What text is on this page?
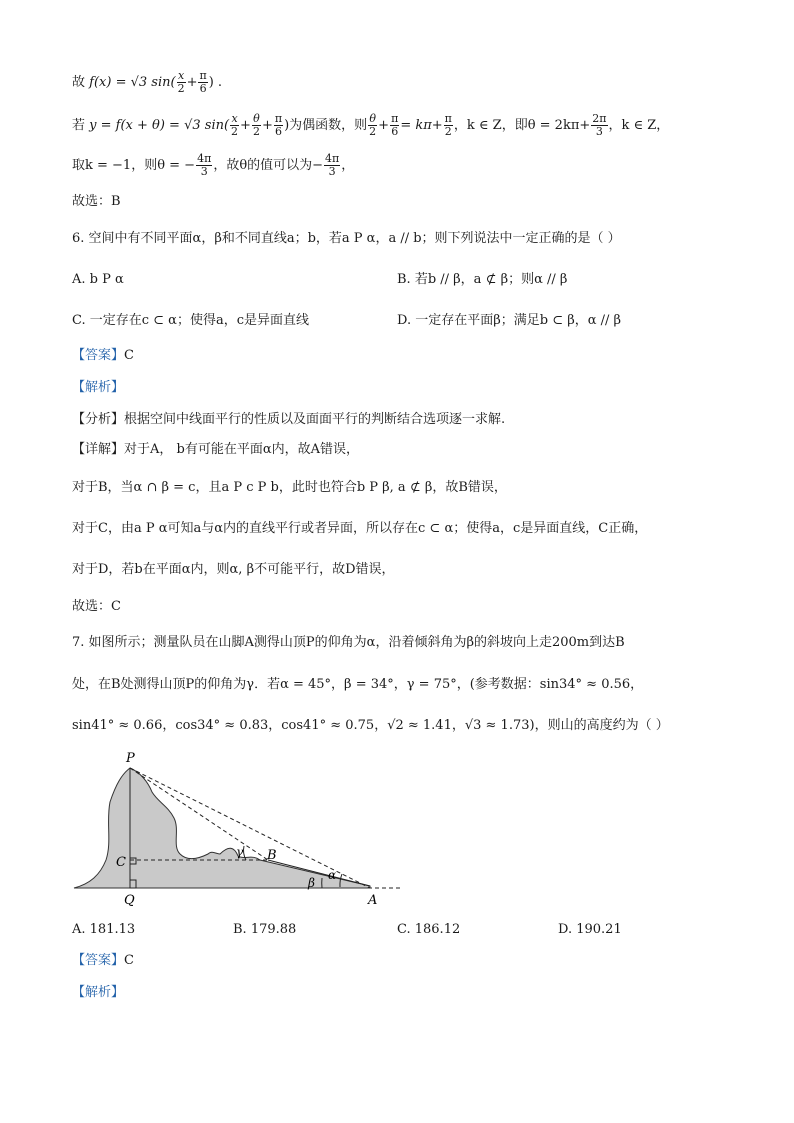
故 f(x) = √3 $\sin( \frac{x}{2} + \frac{\pi}{6}$ ) .
若 y = f(x + θ) = √3 $\sin( \frac{x}{2} + \frac{\theta}{2} + \frac{\pi}{6}$ )为偶函数，则 $\frac{\theta}{2} + \frac{\pi}{6} = k\pi+ \frac{\pi}{2}$ ，k ∈ Z，即$\theta = 2k\pi+ \frac{2\pi}{3}$ ，k ∈ Z，
取k = −1，则θ = − $\frac{4\pi}{3}$ ，故θ的值可以为− $\frac{4\pi}{3}$ ，
故选：B
6. 空间中有不同平面α，β和不同直线a；b，若a P α，a // b；则下列说法中一定正确的是（ ）
A. b P α	B. 若b // β，a ⊄ β；则α // β
C. 一定存在c ⊂ α；使得a，c是异面直线	D. 一定存在平面β；满足b ⊂ β，α // β
【答案】C
【解析】
【分析】根据空间中线面平行的性质以及面面平行的判断结合选项逐一求解.
【详解】对于A， b有可能在平面α内，故A错误，
对于B，当α ∩ β = c，且a P c P b，此时也符合b P β, a ⊄ β，故B错误，
对于C，由a P α可知a与α内的直线平行或者异面，所以存在c ⊂ α；使得a，c是异面直线，C正确，
对于D，若b在平面α内，则α, β不可能平行，故D错误，
故选：C
7. 如图所示；测量队员在山脚A测得山顶P的仰角为α，沿着倾斜角为β的斜坡向上走200m到达B
处，在B处测得山顶P的仰角为γ．若α = 45°，β = 34°，γ = 75°，(参考数据：sin34° ≈ 0.56，
sin41° ≈ 0.66，cos34° ≈ 0.83，cos41° ≈ 0.75，√2 ≈ 1.41，√3 ≈ 1.73)，则山的高度约为（ ）
P
C	B
Q	A
γ
α
β
A. 181.13	B. 179.88	C. 186.12	D. 190.21
【答案】C
【解析】
